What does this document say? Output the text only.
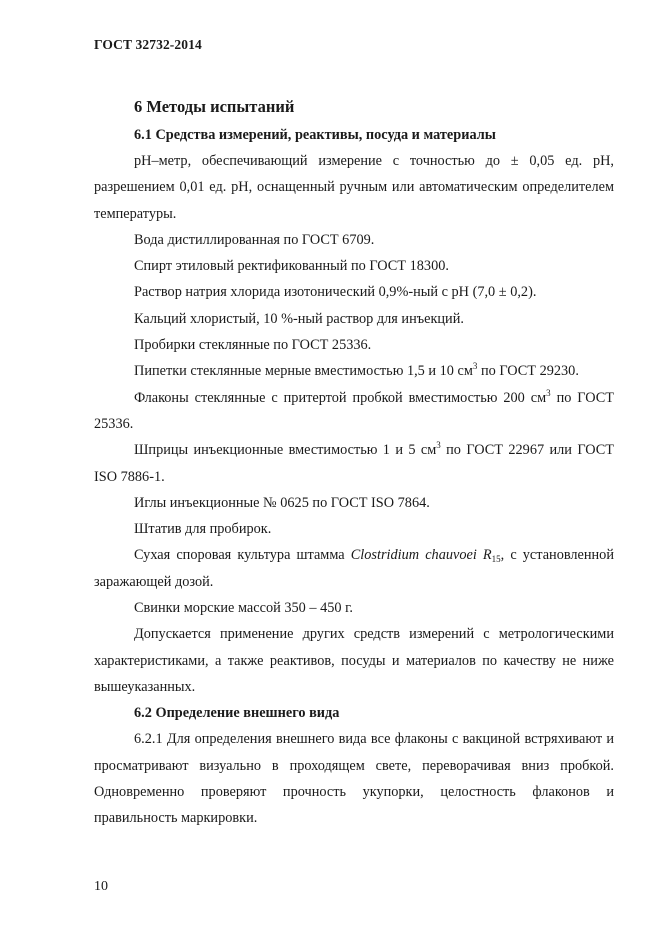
ГОСТ 32732-2014
6 Методы испытаний
6.1 Средства измерений, реактивы, посуда и материалы

pH–метр, обеспечивающий измерение с точностью до ± 0,05 ед. pH, разрешением 0,01 ед. pH, оснащенный ручным или автоматическим определителем температуры.

Вода дистиллированная по ГОСТ 6709.

Спирт этиловый ректификованный по ГОСТ 18300.

Раствор натрия хлорида изотонический 0,9%-ный с pH (7,0 ± 0,2).

Кальций хлористый, 10 %-ный раствор для инъекций.

Пробирки стеклянные по ГОСТ 25336.

Пипетки стеклянные мерные вместимостью 1,5 и 10 $см^3$ по ГОСТ 29230.

Флаконы стеклянные с притертой пробкой вместимостью 200 $см^3$ по ГОСТ 25336.

Шприцы инъекционные вместимостью 1 и 5 $см^3$ по ГОСТ 22967 или ГОСТ ISO 7886-1.

Иглы инъекционные № 0625 по ГОСТ ISO 7864.

Штатив для пробирок.

Сухая споровая культура штамма Clostridium chauvoei $R_{15}$, с установленной заражающей дозой.

Свинки морские массой 350 – 450 г.

Допускается применение других средств измерений с метрологическими характеристиками, а также реактивов, посуды и материалов по качеству не ниже вышеуказанных.

6.2 Определение внешнего вида

6.2.1 Для определения внешнего вида все флаконы с вакциной встряхивают и просматривают визуально в проходящем свете, переворачивая вниз пробкой. Одновременно проверяют прочность укупорки, целостность флаконов и правильность маркировки.

10
